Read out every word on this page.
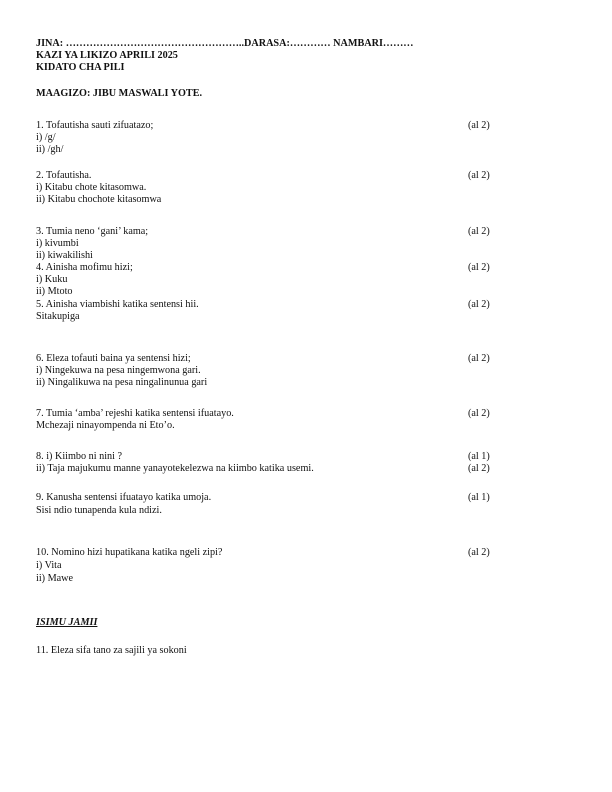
JINA: ……………………………………………..DARASA:………… NAMBARI………
KAZI YA LIKIZO APRILI 2025
KIDATO CHA PILI
MAAGIZO: JIBU MASWALI YOTE.
1. Tofautisha sauti zifuatazo;	(al 2)
i) /g/
ii) /gh/
2. Tofautisha.	(al 2)
i) Kitabu chote kitasomwa.
ii) Kitabu chochote kitasomwa
3. Tumia neno ‘gani’ kama;	(al 2)
i) kivumbi
ii) kiwakilishi
4. Ainisha mofimu hizi;	(al 2)
i) Kuku
ii) Mtoto
5. Ainisha viambishi katika sentensi hii.	(al 2)
Sitakupiga
6. Eleza tofauti baina ya sentensi hizi;	(al 2)
i) Ningekuwa na pesa ningemwona gari.
ii) Ningalikuwa na pesa ningalinunua gari
7. Tumia ‘amba’ rejeshi katika sentensi ifuatayo.	(al 2)
Mchezaji ninayompenda ni Eto’o.
8. i) Kiimbo ni nini ?	(al 1)
ii) Taja majukumu manne yanayotekelezwa na kiimbo katika usemi.	(al 2)
9. Kanusha sentensi ifuatayo katika umoja.	(al 1)
Sisi ndio tunapenda kula ndizi.
10. Nomino hizi hupatikana katika ngeli zipi?	(al 2)
i) Vita
ii) Mawe
ISIMU JAMII
11. Eleza sifa tano za sajili ya sokoni
